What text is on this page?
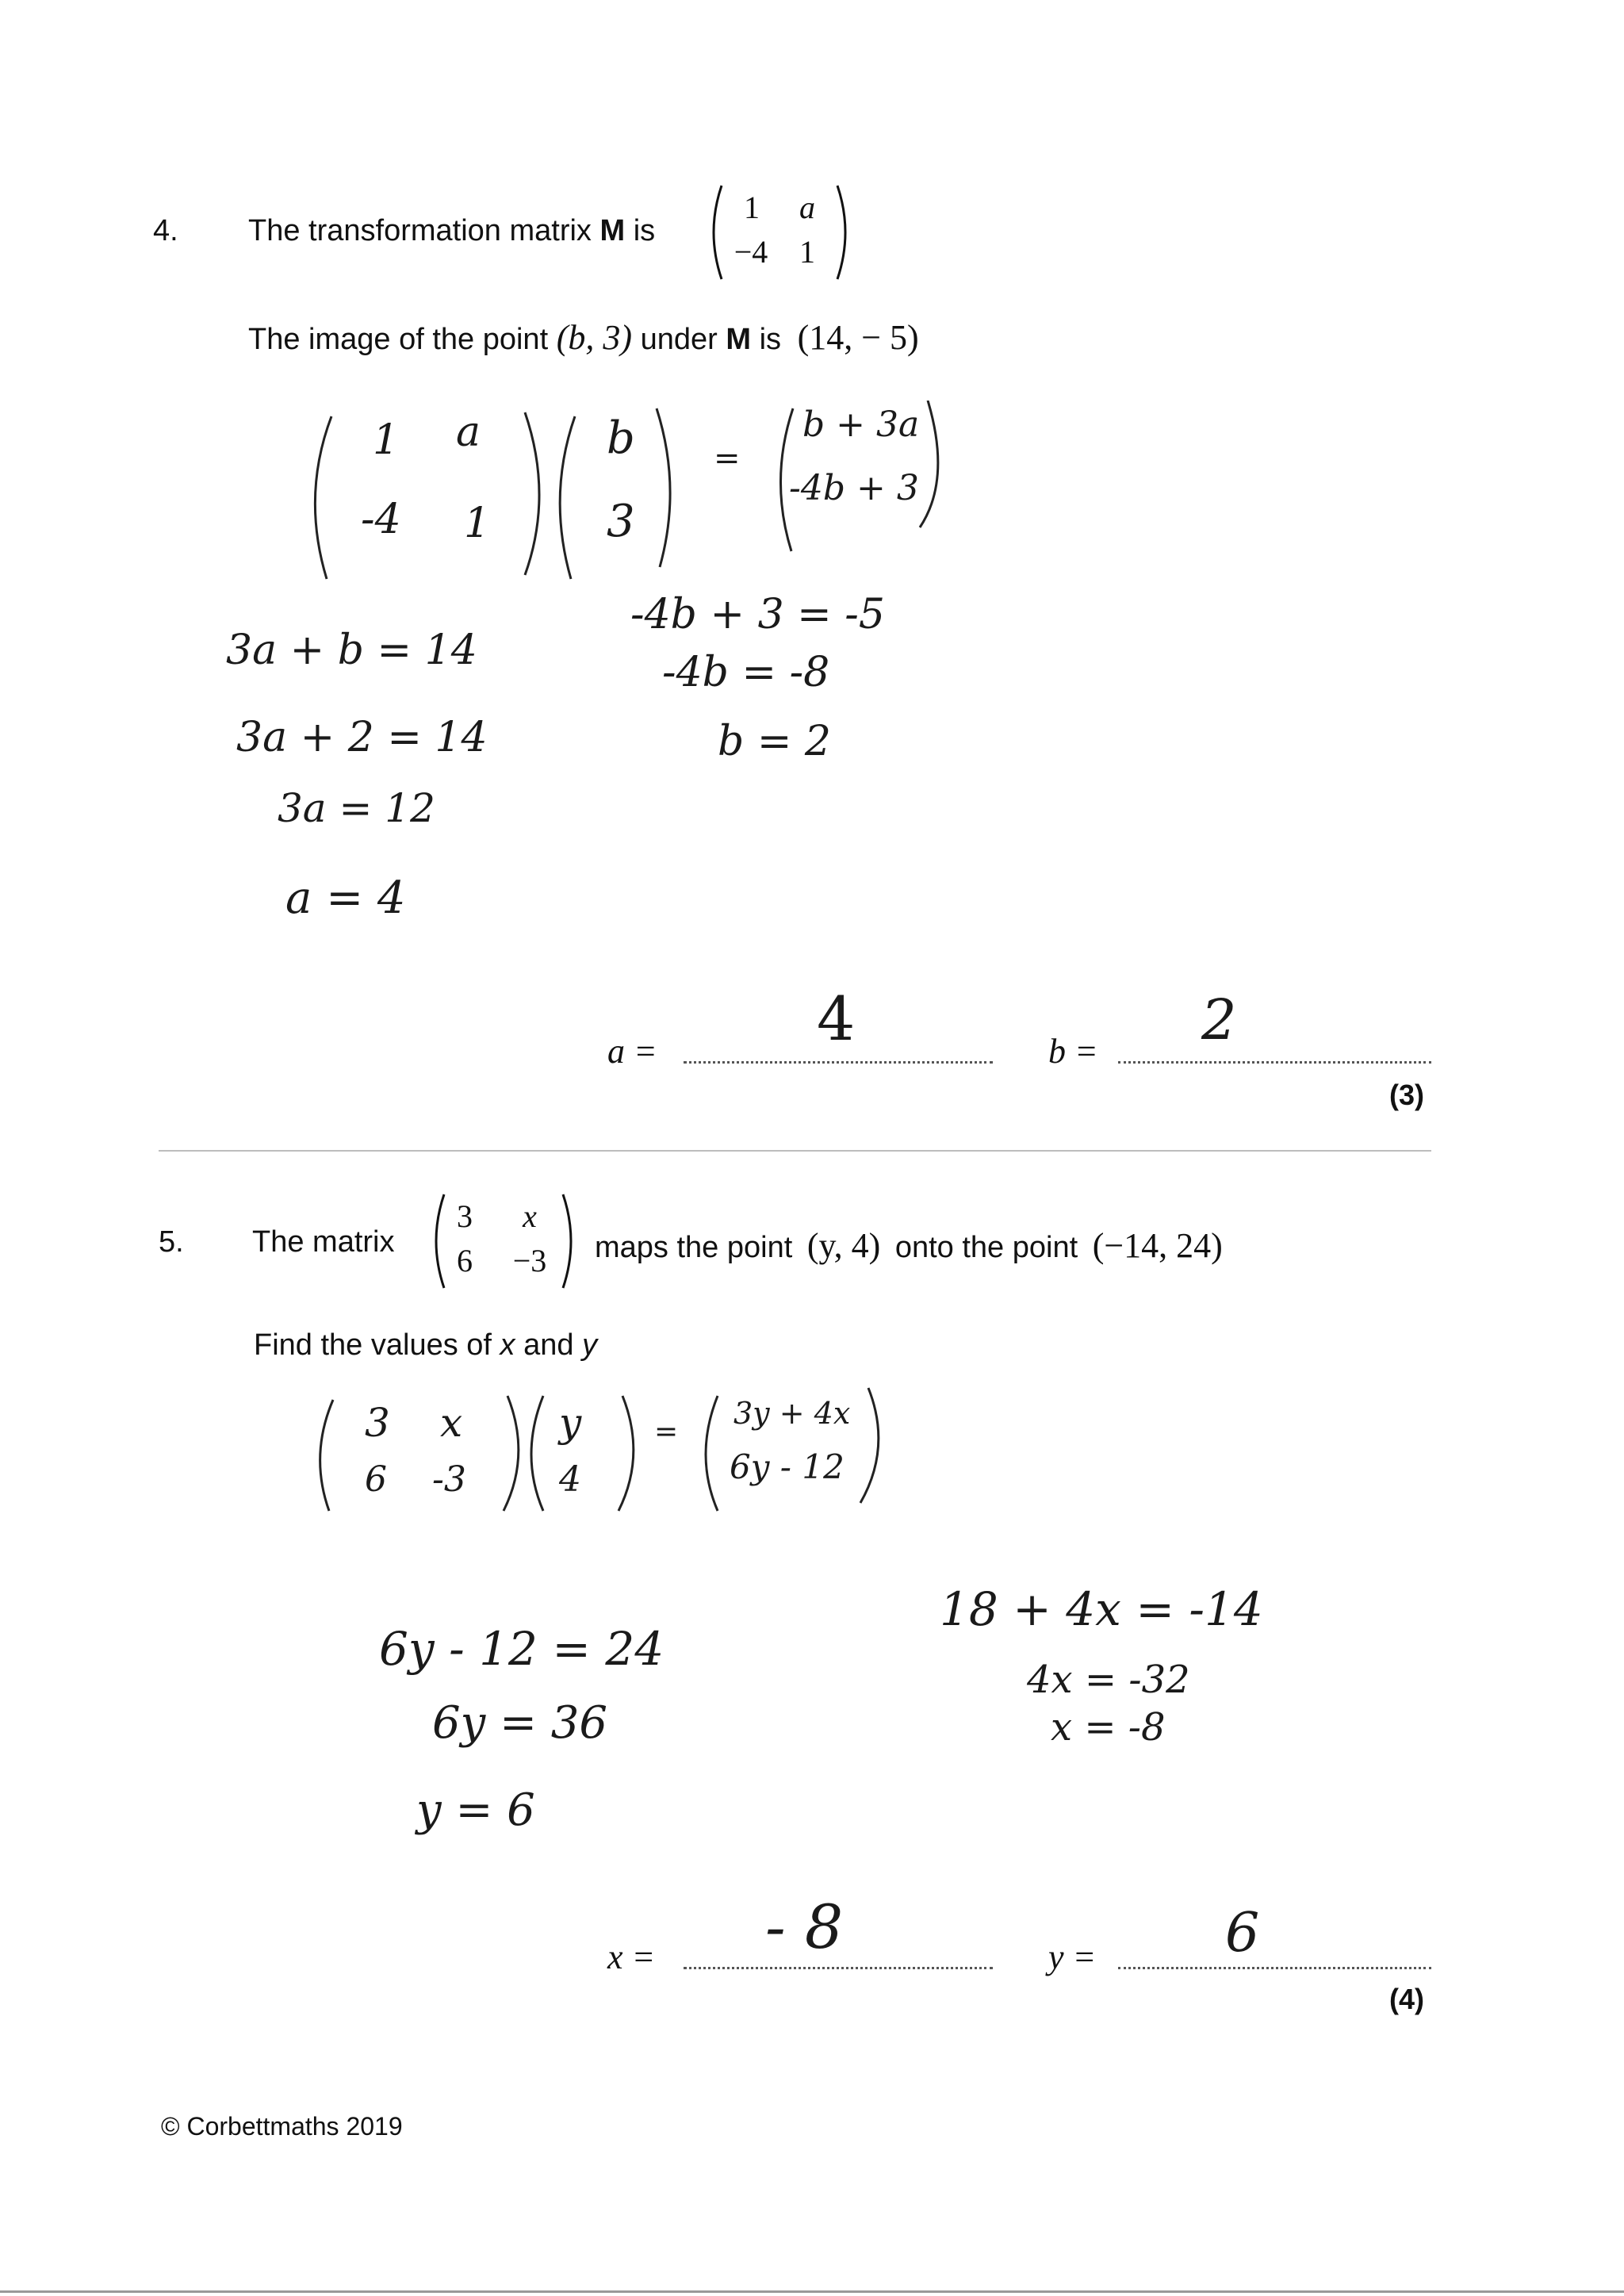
4. The transformation matrix M is
1 a
−4 1
The image of the point (b, 3) under M is (14, − 5)
1 a
-4 1
b
3
=
b + 3a
-4b + 3
3a + b = 14
3a + 2 = 14
3a = 12
a = 4
-4b + 3 = -5
-4b = -8
b = 2
a =	4	b = 2
(3)
5. The matrix
3 x
6	−3	maps the point (y, 4) onto the point (−14, 24)
Find the values of x and y
3 x
6 -3
y
4
=
3y + 4x
6y - 12
6y - 12 = 24
6y = 36
y = 6
18 + 4x = -14
4x = -32
x = -8
x = - 8	y = 6
(4)
© Corbettmaths 2019
